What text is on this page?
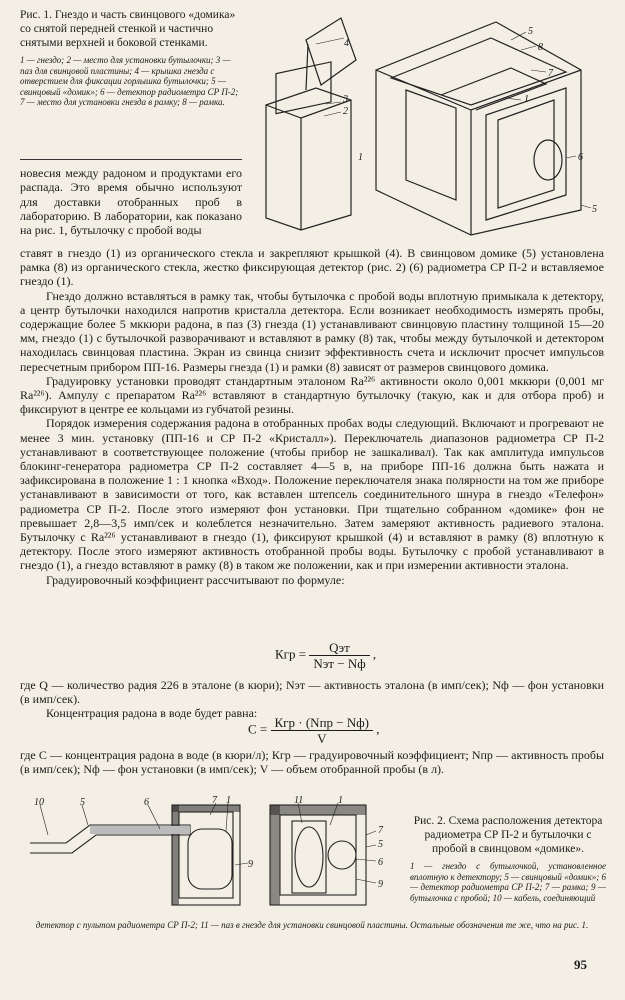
Рис. 1. Гнездо и часть свинцового «домика» со снятой передней стенкой и частично снятыми верхней и боковой стенками.

1 — гнездо; 2 — место для установки бутылочки; 3 — паз для свинцовой пластины; 4 — крышка гнезда с отверстием для фиксации горлышка бутылочки; 5 — свинцовый «домик»; 6 — детектор радиометра СР П-2; 7 — место для установки гнезда в рамку; 8 — рамка.

новесия между радоном и продуктами его распада. Это время обычно используют для доставки отобранных проб в лабораторию. В лаборатории, как показано на рис. 1, бутылочку с пробой воды
4
3
2
1
5
8
7
1
6
5

ставят в гнездо (1) из органического стекла и закрепляют крышкой (4). В свинцовом домике (5) установлена рамка (8) из органического стекла, жестко фиксирующая детектор (рис. 2) (6) радиометра СР П-2 и вставляемое гнездо (1).

Гнездо должно вставляться в рамку так, чтобы бутылочка с пробой воды вплотную примыкала к детектору, а центр бутылочки находился напротив кристалла детектора. Если возникает необходимость измерять пробы, содержащие более 5 мккюри радона, в паз (3) гнезда (1) устанавливают свинцовую пластину толщиной 15—20 мм, гнездо (1) с бутылочкой разворачивают и вставляют в рамку (8) так, чтобы между бутылочкой и детектором находилась свинцовая пластина. Экран из свинца снизит эффективность счета и исключит просчет импульсов пересчетным прибором ПП-16. Размеры гнезда (1) и рамки (8) зависят от размеров свинцового домика.

Градуировку установки проводят стандартным эталоном Ra²²⁶ активности около 0,001 мккюри (0,001 мг Ra²²⁶). Ампулу с препаратом Ra²²⁶ вставляют в стандартную бутылочку (такую, как и для отбора проб) и фиксируют в центре ее кольцами из губчатой резины.

Порядок измерения содержания радона в отобранных пробах воды следующий. Включают и прогревают не менее 3 мин. установку (ПП-16 и СР П-2 «Кристалл»). Переключатель диапазонов радиометра СР П-2 устанавливают в соответствующее положение (чтобы прибор не зашкаливал). Так как амплитуда импульсов блокинг-генератора радиометра СР П-2 составляет 4—5 в, на приборе ПП-16 должна быть нажата и зафиксирована в положение 1 : 1 кнопка «Вход». Положение переключателя знака полярности на том же приборе устанавливают в зависимости от того, как вставлен штепсель соединительного шнура в гнездо «Телефон» радиометра СР П-2. После этого измеряют фон установки. При тщательно собранном «домике» фон не превышает 2,8—3,5 имп/сек и колеблется незначительно. Затем замеряют активность радиевого эталона. Бутылочку с Ra²²⁶ устанавливают в гнездо (1), фиксируют крышкой (4) и вставляют в рамку (8) вплотную к детектору. После этого измеряют активность отобранной пробы воды. Бутылочку с пробой устанавливают в гнездо (1), а гнездо вставляют в рамку (8) в таком же положении, как и при измерении активности эталона.

Градуировочный коэффициент рассчитывают по формуле:

Кгр = $\frac{\text{Qэт}}{\text{Nэт − Nф}}$ ,

где Q — количество радия 226 в эталоне (в кюри); Nэт — активность эталона (в имп/сек); Nф — фон установки (в имп/сек).

Концентрация радона в воде будет равна:

$C = \frac{\text{Кгр · (Nпр − Nф)}}{V}$ ,

где C — концентрация радона в воде (в кюри/л); Кгр — градуировочный коэффициент; Nпр — активность пробы (в имп/сек); Nф — фон установки (в имп/сек); V — объем отобранной пробы (в л).

10	5	6	7 1
9
11	1
7
5
6
9

Рис. 2. Схема расположения детектора радиометра СР П-2 и бутылочки с пробой в свинцовом «домике».

1 — гнездо с бутылочкой, установленное вплотную к детектору; 5 — свинцовый «домик»; 6 — детектор радиометра СР П-2; 7 — рамка; 9 — бутылочка с пробой; 10 — кабель, соединяющий

детектор с пультом радиометра СР П-2; 11 — паз в гнезде для установки свинцовой пластины. Остальные обозначения те же, что на рис. 1.
95
